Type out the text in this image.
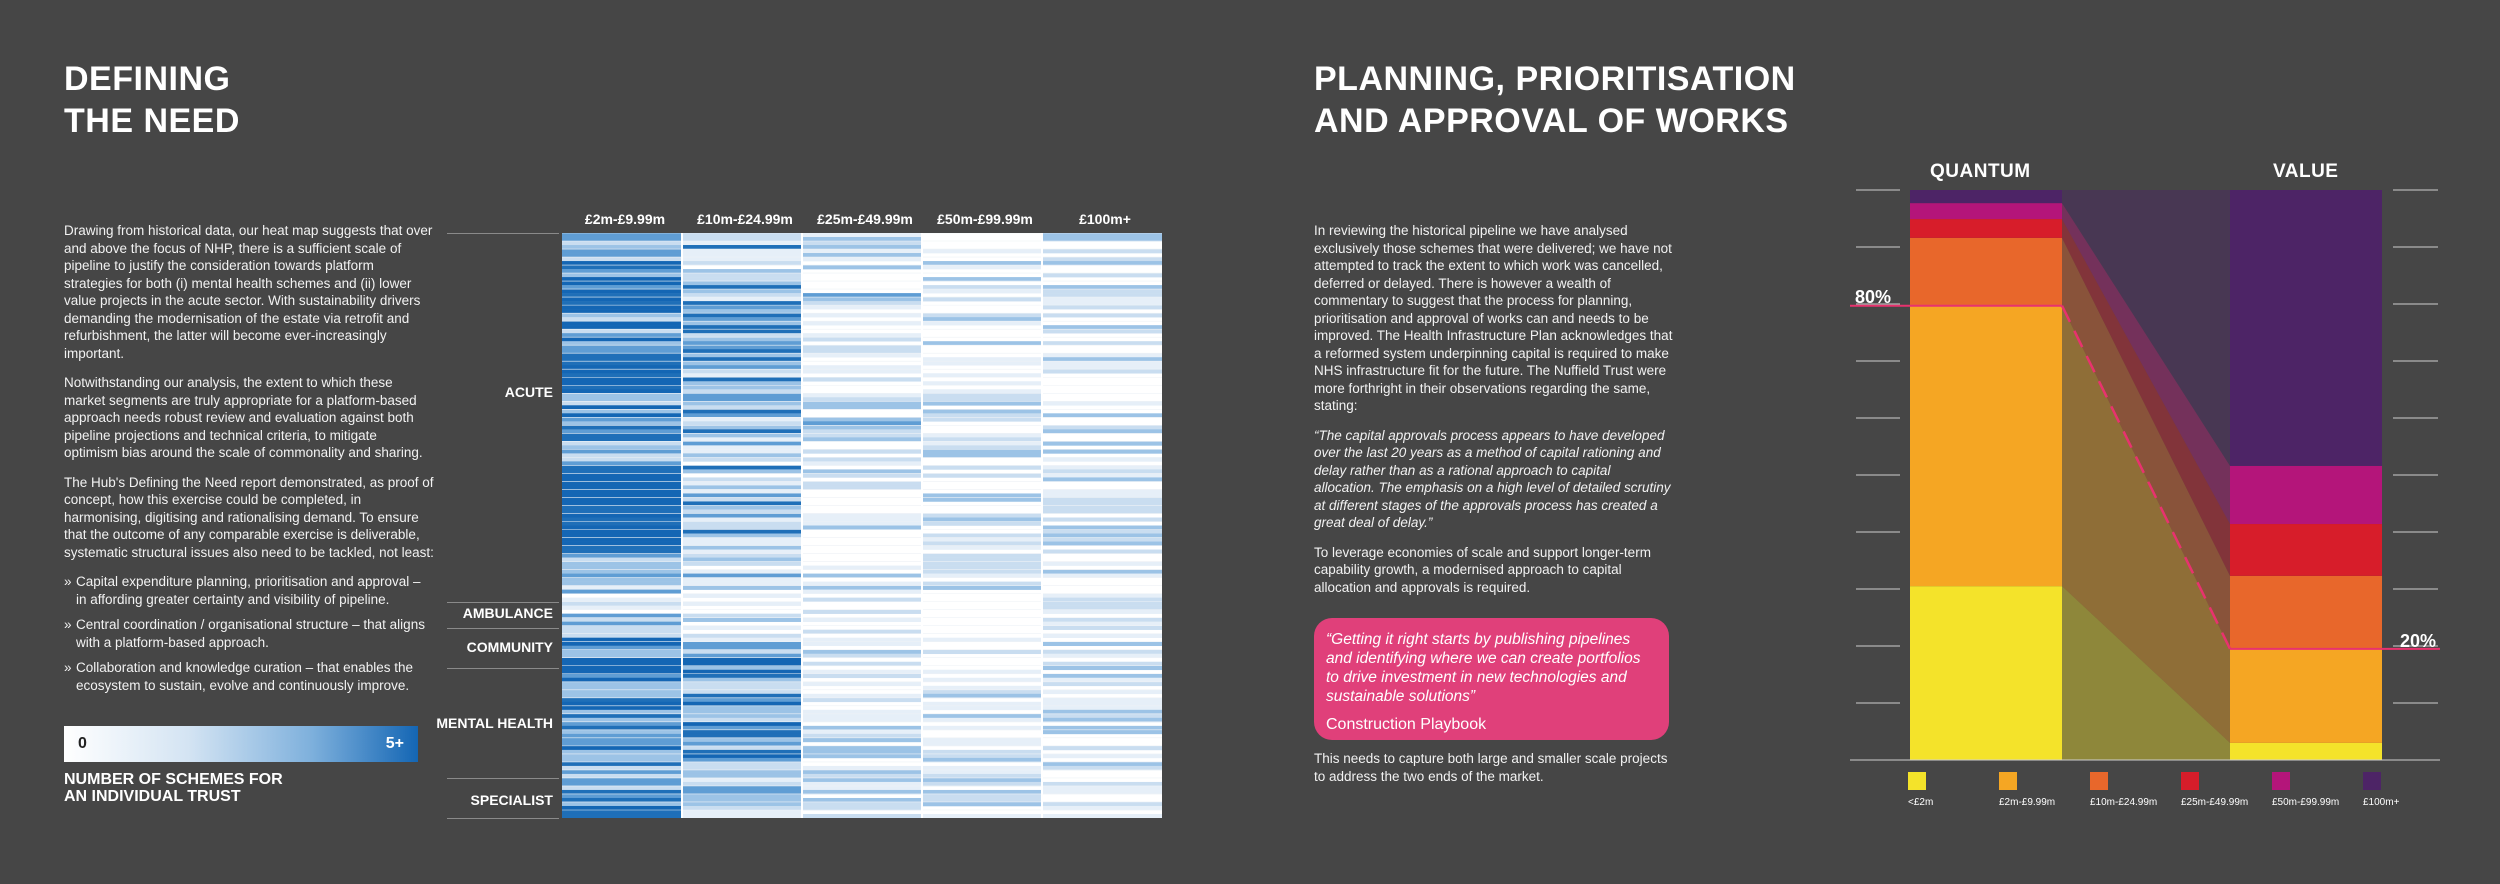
DEFINING
THE NEED

Drawing from historical data, our heat map suggests that over and above the focus of NHP, there is a sufficient scale of pipeline to justify the consideration towards platform strategies for both (i) mental health schemes and (ii) lower value projects in the acute sector. With sustainability drivers demanding the modernisation of the estate via retrofit and refurbishment, the latter will become ever-increasingly important.

Notwithstanding our analysis, the extent to which these market segments are truly appropriate for a platform-based approach needs robust review and evaluation against both pipeline projections and technical criteria, to mitigate optimism bias around the scale of commonality and sharing.

The Hub's Defining the Need report demonstrated, as proof of concept, how this exercise could be completed, in harmonising, digitising and rationalising demand. To ensure that the outcome of any comparable exercise is deliverable, systematic structural issues also need to be tackled, not least:

» Capital expenditure planning, prioritisation and approval – in affording greater certainty and visibility of pipeline.
» Central coordination / organisational structure – that aligns with a platform-based approach.
» Collaboration and knowledge curation – that enables the ecosystem to sustain, evolve and continuously improve.
0	5+
NUMBER OF SCHEMES FOR
AN INDIVIDUAL TRUST
£2m-£9.99m	£10m-£24.99m	£25m-£49.99m	£50m-£99.99m	£100m+
ACUTE
AMBULANCE
COMMUNITY
MENTAL HEALTH
SPECIALIST
PLANNING, PRIORITISATION
AND APPROVAL OF WORKS

In reviewing the historical pipeline we have analysed exclusively those schemes that were delivered; we have not attempted to track the extent to which work was cancelled, deferred or delayed. There is however a wealth of commentary to suggest that the process for planning, prioritisation and approval of works can and needs to be improved. The Health Infrastructure Plan acknowledges that a reformed system underpinning capital is required to make NHS infrastructure fit for the future. The Nuffield Trust were more forthright in their observations regarding the same, stating:

“The capital approvals process appears to have developed over the last 20 years as a method of capital rationing and delay rather than as a rational approach to capital allocation. The emphasis on a high level of detailed scrutiny at different stages of the approvals process has created a great deal of delay.”

To leverage economies of scale and support longer-term capability growth, a modernised approach to capital allocation and approvals is required.

“Getting it right starts by publishing pipelines and identifying where we can create portfolios to drive investment in new technologies and sustainable solutions”
Construction Playbook

This needs to capture both large and smaller scale projects to address the two ends of the market.

QUANTUM	VALUE
80%
20%
<£2m	£2m-£9.99m	£10m-£24.99m £25m-£49.99m £50m-£99.99m £100m+
